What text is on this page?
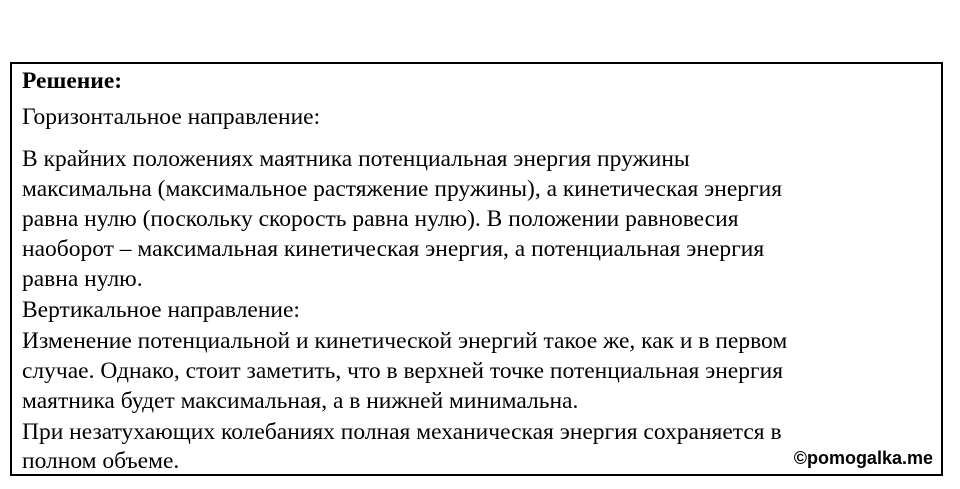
Решение:
Горизонтальное направление:
В крайних положениях маятника потенциальная энергия пружины
максимальна (максимальное растяжение пружины), а кинетическая энергия
равна нулю (поскольку скорость равна нулю). В положении равновесия
наоборот – максимальная кинетическая энергия, а потенциальная энергия
равна нулю.
Вертикальное направление:
Изменение потенциальной и кинетической энергий такое же, как и в первом
случае. Однако, стоит заметить, что в верхней точке потенциальная энергия
маятника будет максимальная, а в нижней минимальна.
При незатухающих колебаниях полная механическая энергия сохраняется в
полном объеме.	©pomogalka.me
